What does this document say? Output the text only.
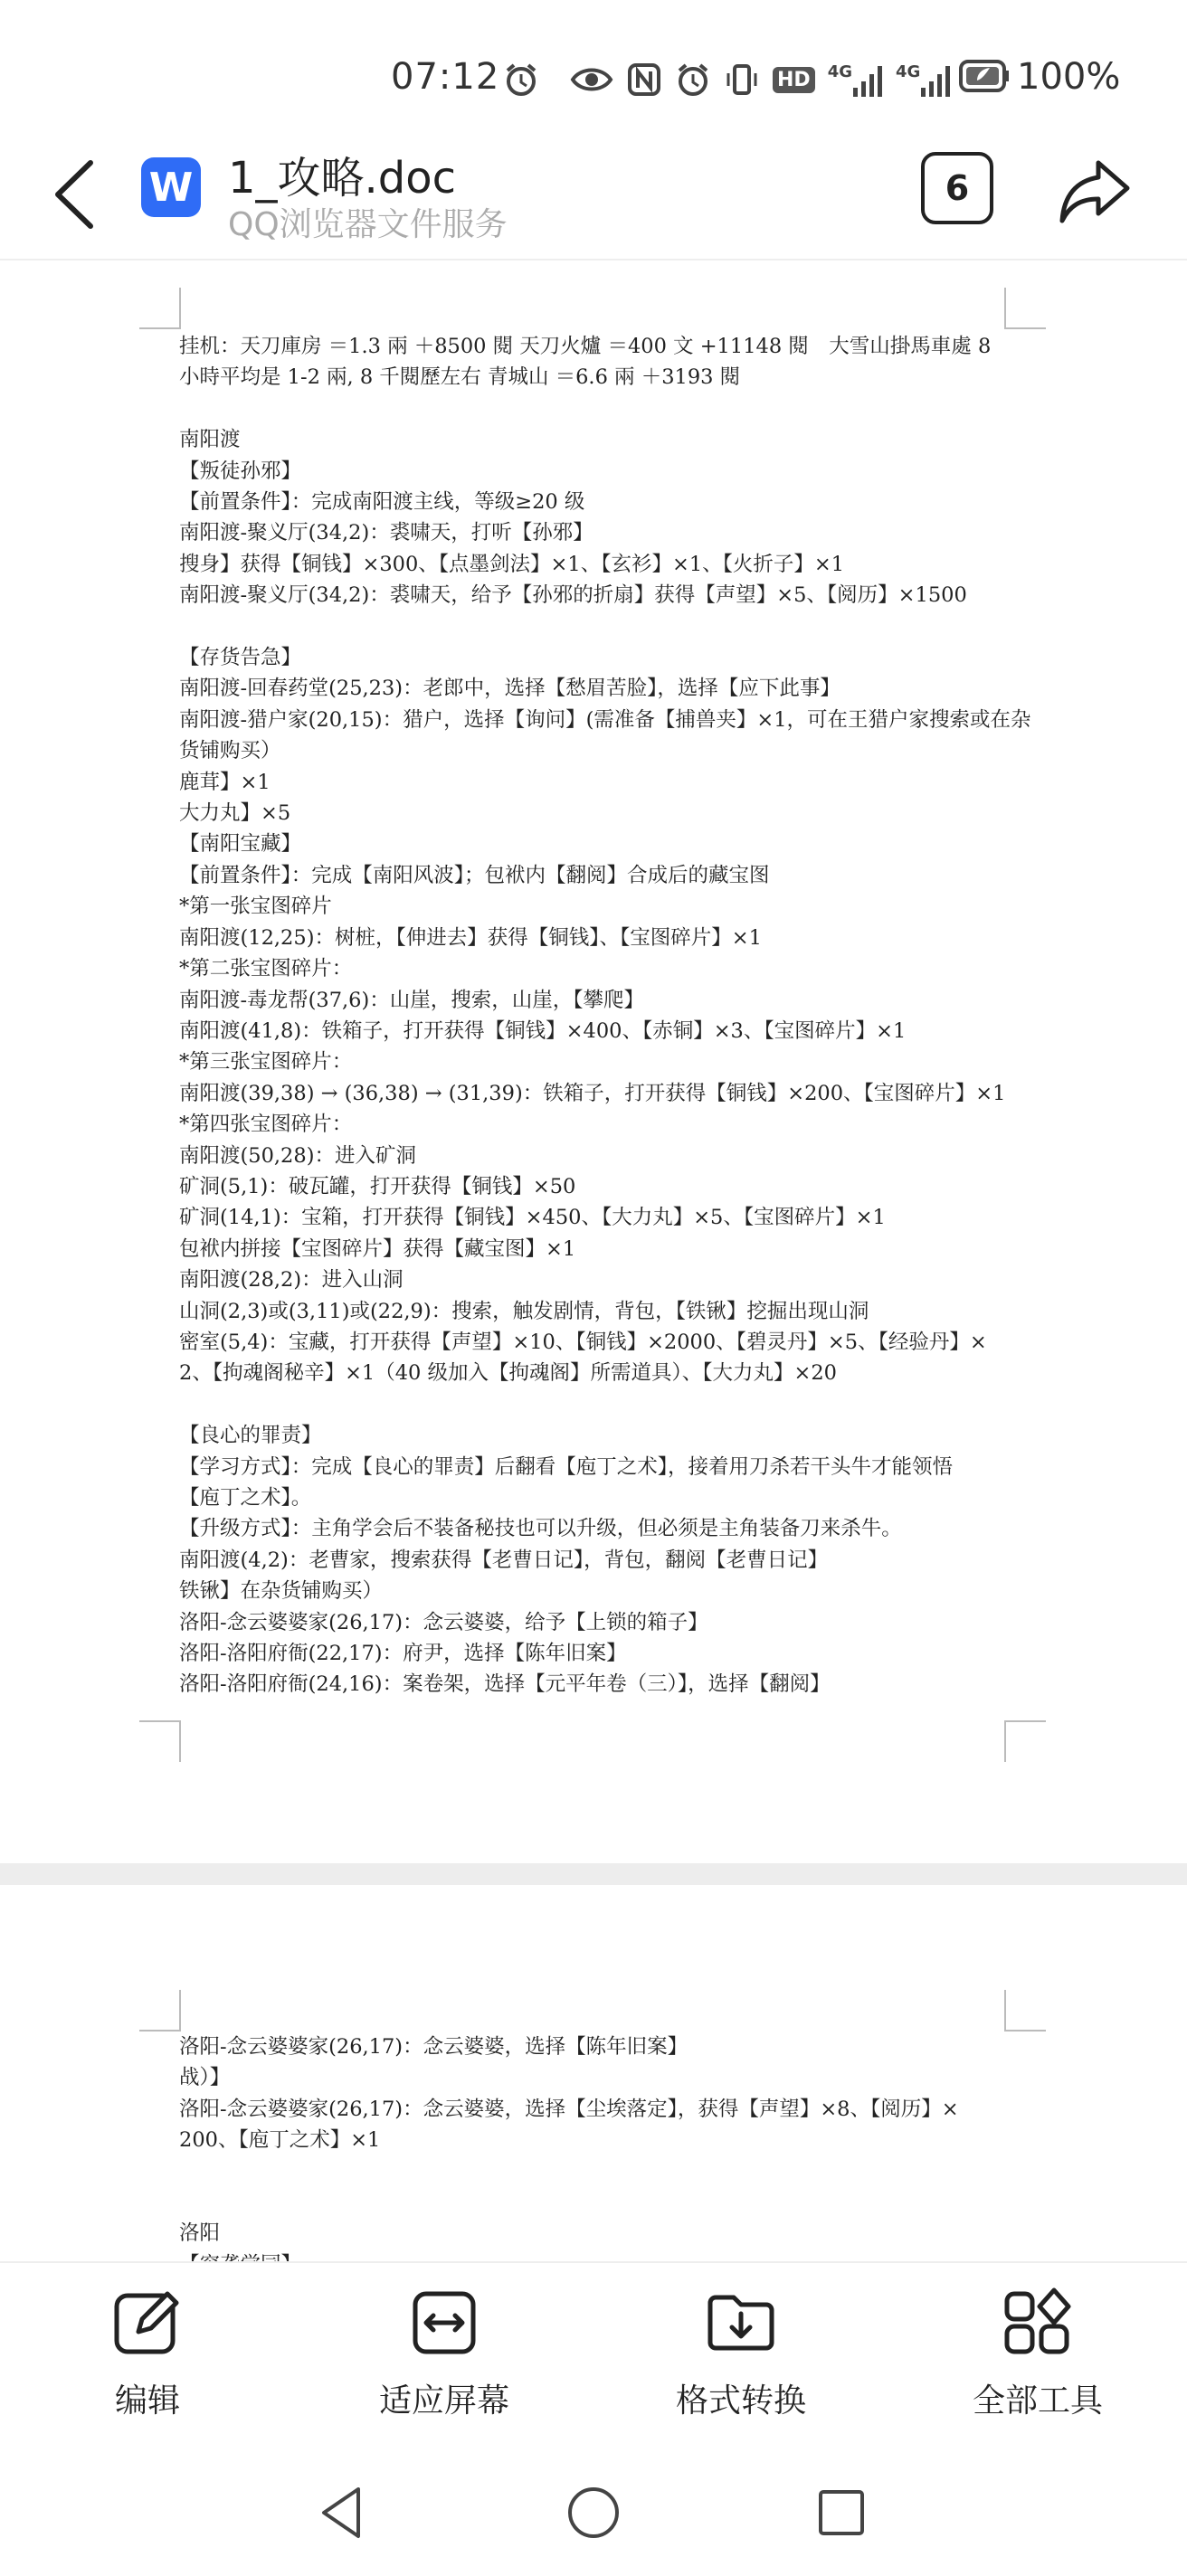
07:12	HD 4G	4G	100%
W 1_攻略.doc
QQ浏览器文件服务
6
挂机：天刀庫房 ＝1.3 兩 ＋8500 閱 天刀火爐 ＝400 文 +11148 閱　大雪山掛馬車處 8
小時平均是 1-2 兩, 8 千閱歷左右 青城山 ＝6.6 兩 ＋3193 閱
南阳渡
【叛徒孙邪】
【前置条件】：完成南阳渡主线，等级≥20 级
南阳渡-聚义厅(34,2)：裘啸天，打听【孙邪】
搜身】获得【铜钱】×300、【点墨剑法】×1、【玄衫】×1、【火折子】×1
南阳渡-聚义厅(34,2)：裘啸天，给予【孙邪的折扇】获得【声望】×5、【阅历】×1500
【存货告急】
南阳渡-回春药堂(25,23)：老郎中，选择【愁眉苦脸】，选择【应下此事】
南阳渡-猎户家(20,15)：猎户，选择【询问】(需准备【捕兽夹】×1，可在王猎户家搜索或在杂
货铺购买）
鹿茸】×1
大力丸】×5
【南阳宝藏】
【前置条件】：完成【南阳风波】；包袱内【翻阅】合成后的藏宝图
*第一张宝图碎片
南阳渡(12,25)：树桩，【伸进去】获得【铜钱】、【宝图碎片】×1
*第二张宝图碎片：
南阳渡-毒龙帮(37,6)：山崖，搜索，山崖，【攀爬】
南阳渡(41,8)：铁箱子，打开获得【铜钱】×400、【赤铜】×3、【宝图碎片】×1
*第三张宝图碎片：
南阳渡(39,38) → (36,38) → (31,39)：铁箱子，打开获得【铜钱】×200、【宝图碎片】×1
*第四张宝图碎片：
南阳渡(50,28)：进入矿洞
矿洞(5,1)：破瓦罐，打开获得【铜钱】×50
矿洞(14,1)：宝箱，打开获得【铜钱】×450、【大力丸】×5、【宝图碎片】×1
包袱内拼接【宝图碎片】获得【藏宝图】×1
南阳渡(28,2)：进入山洞
山洞(2,3)或(3,11)或(22,9)：搜索，触发剧情，背包，【铁锹】挖掘出现山洞
密室(5,4)：宝藏，打开获得【声望】×10、【铜钱】×2000、【碧灵丹】×5、【经验丹】×
2、【拘魂阁秘辛】×1（40 级加入【拘魂阁】所需道具）、【大力丸】×20
【良心的罪责】
【学习方式】：完成【良心的罪责】后翻看【庖丁之术】，接着用刀杀若干头牛才能领悟
【庖丁之术】。
【升级方式】：主角学会后不装备秘技也可以升级，但必须是主角装备刀来杀牛。
南阳渡(4,2)：老曹家，搜索获得【老曹日记】，背包，翻阅【老曹日记】
铁锹】在杂货铺购买）
洛阳-念云婆婆家(26,17)：念云婆婆，给予【上锁的箱子】
洛阳-洛阳府衙(22,17)：府尹，选择【陈年旧案】
洛阳-洛阳府衙(24,16)：案卷架，选择【元平年卷（三）】，选择【翻阅】
洛阳-念云婆婆家(26,17)：念云婆婆，选择【陈年旧案】
战）】
洛阳-念云婆婆家(26,17)：念云婆婆，选择【尘埃落定】，获得【声望】×8、【阅历】×
200、【庖丁之术】×1
洛阳
编辑	适应屏幕	格式转换	全部工具
